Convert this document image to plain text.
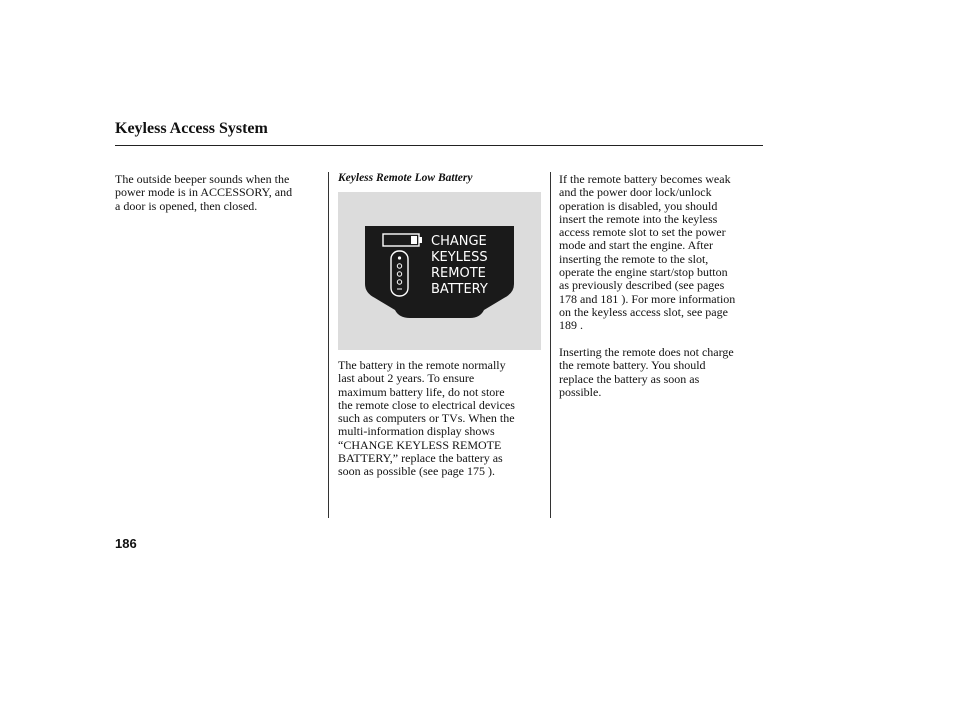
Keyless Access System
The outside beeper sounds when the
power mode is in ACCESSORY, and
a door is opened, then closed.
Keyless Remote Low Battery
CHANGE
KEYLESS
REMOTE
BATTERY
The battery in the remote normally
last about 2 years. To ensure
maximum battery life, do not store
the remote close to electrical devices
such as computers or TVs. When the
multi-information display shows
“CHANGE KEYLESS REMOTE
BATTERY,” replace the battery as
soon as possible (see page 175 ).
If the remote battery becomes weak
and the power door lock/unlock
operation is disabled, you should
insert the remote into the keyless
access remote slot to set the power
mode and start the engine. After
inserting the remote to the slot,
operate the engine start/stop button
as previously described (see pages
178 and 181 ). For more information
on the keyless access slot, see page
189 .
Inserting the remote does not charge
the remote battery. You should
replace the battery as soon as
possible.
186
